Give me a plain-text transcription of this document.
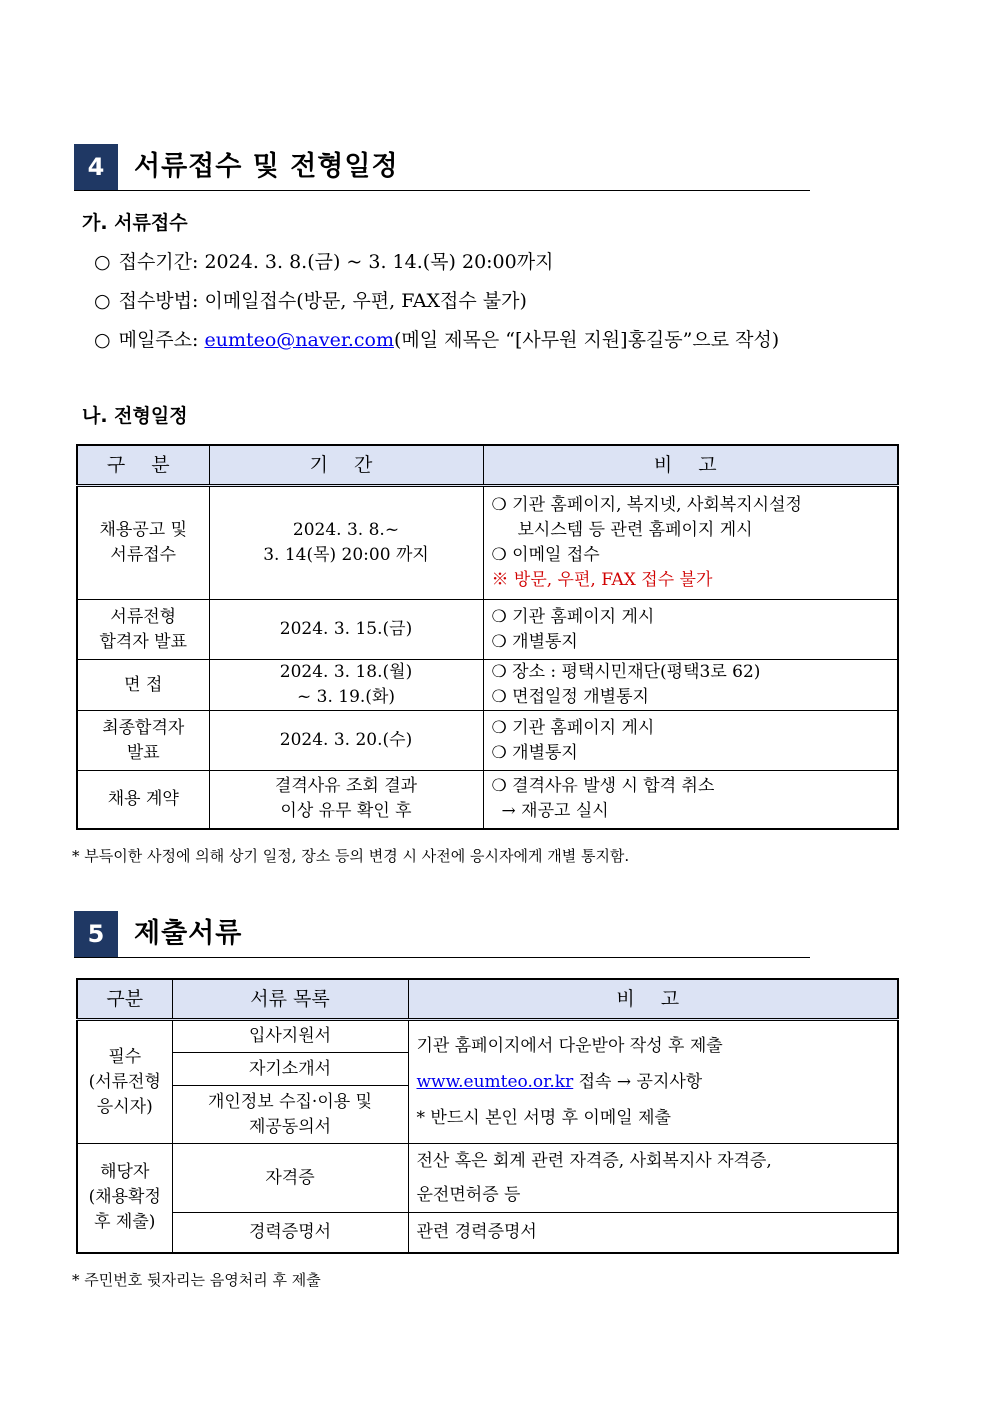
4	서류접수 및 전형일정
가. 서류접수
○ 접수기간: 2024. 3. 8.(금) ~ 3. 14.(목) 20:00까지
○ 접수방법: 이메일접수(방문, 우편, FAX접수 불가)
○ 메일주소: eumteo@naver.com(메일 제목은 “[사무원 지원]홍길동”으로 작성)
나. 전형일정
구 분	기 간	비 고

채용공고 및
서류접수	2024. 3. 8.~
3. 14(목) 20:00 까지	❍ 기관 홈페이지, 복지넷, 사회복지시설정
보시스템 등 관련 홈페이지 게시
❍ 이메일 접수
※ 방문, 우편, FAX 접수 불가

서류전형
합격자 발표	2024. 3. 15.(금)	❍ 기관 홈페이지 게시
❍ 개별통지

면 접	2024. 3. 18.(월)
~ 3. 19.(화)	❍ 장소 : 평택시민재단(평택3로 62)
❍ 면접일정 개별통지

최종합격자
발표	2024. 3. 20.(수)	❍ 기관 홈페이지 게시
❍ 개별통지

채용 계약	결격사유 조회 결과
이상 유무 확인 후	❍ 결격사유 발생 시 합격 취소
→ 재공고 실시
* 부득이한 사정에 의해 상기 일정, 장소 등의 변경 시 사전에 응시자에게 개별 통지함.
5	제출서류
구분	서류 목록	비 고

필수
(서류전형
응시자)	입사지원서	기관 홈페이지에서 다운받아 작성 후 제출
www.eumteo.or.kr 접속 → 공지사항
* 반드시 본인 서명 후 이메일 제출

	자기소개서	

	개인정보 수집·이용 및
제공동의서	

해당자
(채용확정
후 제출)	자격증	전산 혹은 회계 관련 자격증, 사회복지사 자격증,
운전면허증 등

	경력증명서	관련 경력증명서
* 주민번호 뒷자리는 음영처리 후 제출
